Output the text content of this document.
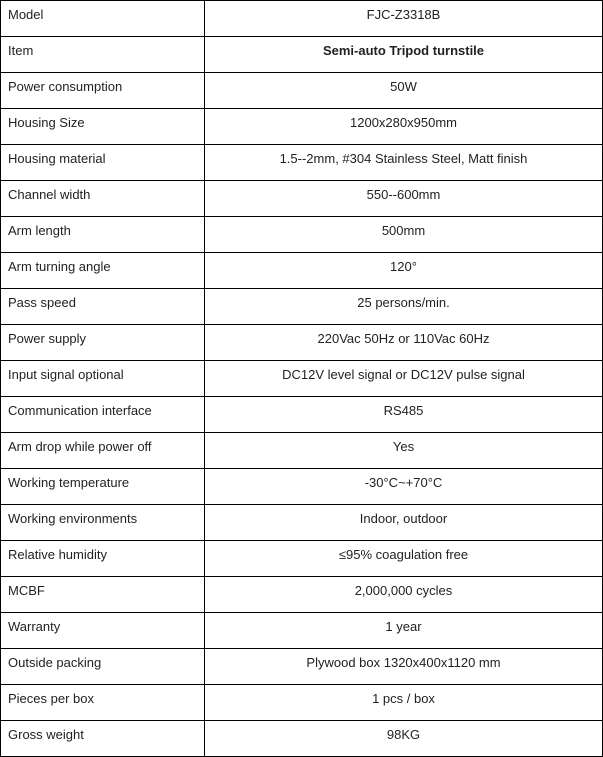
Model	FJC-Z3318B
Item	Semi-auto Tripod turnstile
Power consumption	50W
Housing Size	1200x280x950mm
Housing material	1.5--2mm, #304 Stainless Steel, Matt finish
Channel width	550--600mm
Arm length	500mm
Arm turning angle	120°
Pass speed	25 persons/min.
Power supply	220Vac 50Hz or 110Vac 60Hz
Input signal optional	DC12V level signal or DC12V pulse signal
Communication interface	RS485
Arm drop while power off	Yes
Working temperature	-30°C~+70°C
Working environments	Indoor, outdoor
Relative humidity	≤95% coagulation free
MCBF	2,000,000 cycles
Warranty	1 year
Outside packing	Plywood box 1320x400x1120 mm
Pieces per box	1 pcs / box
Gross weight	98KG
